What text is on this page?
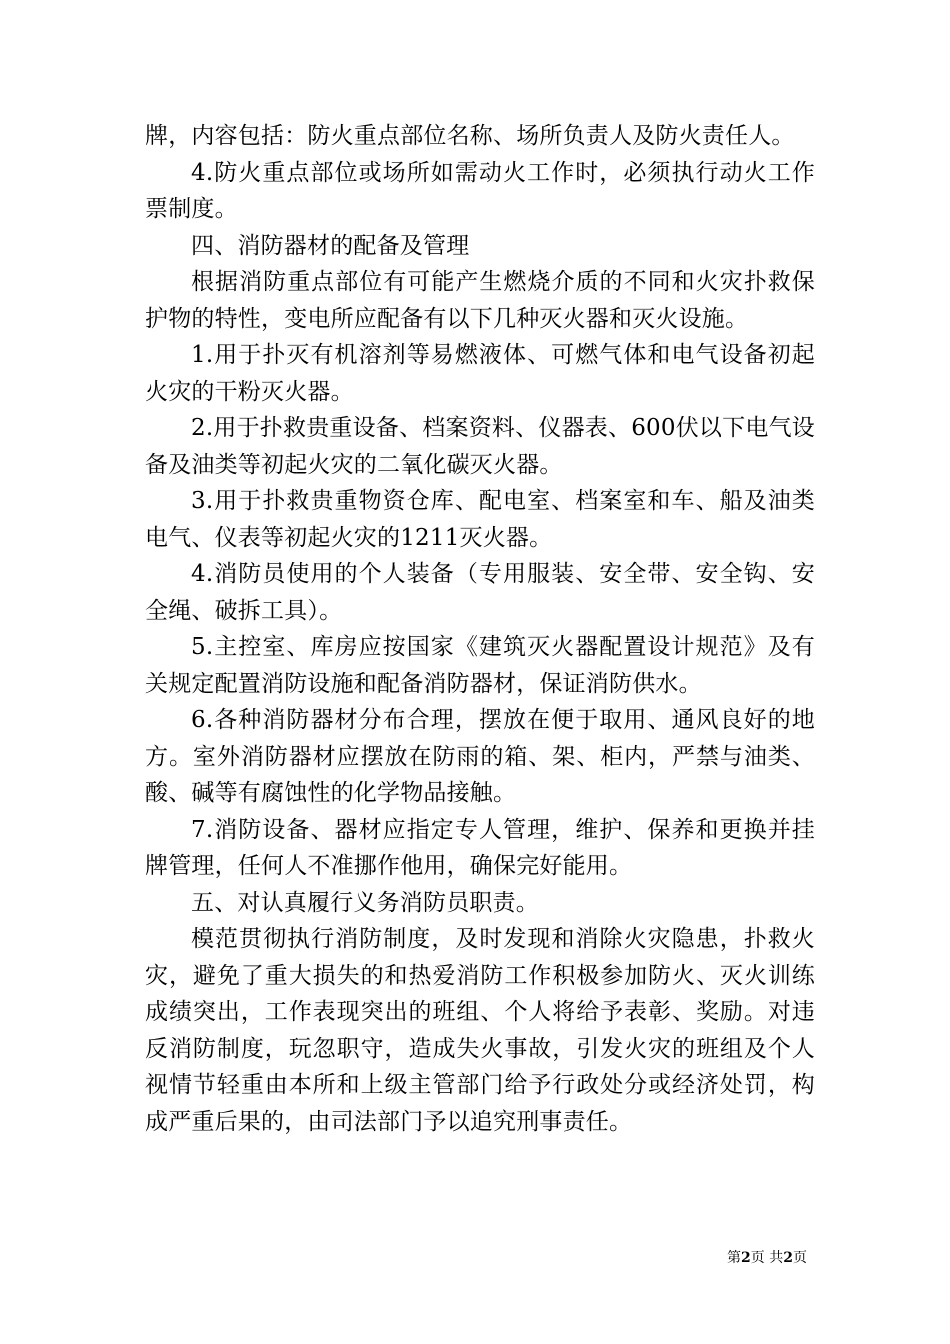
牌，内容包括：防火重点部位名称、场所负责人及防火责任人。

4.防火重点部位或场所如需动火工作时，必须执行动火工作票制度。

四、消防器材的配备及管理

根据消防重点部位有可能产生燃烧介质的不同和火灾扑救保护物的特性，变电所应配备有以下几种灭火器和灭火设施。

1.用于扑灭有机溶剂等易燃液体、可燃气体和电气设备初起火灾的干粉灭火器。

2.用于扑救贵重设备、档案资料、仪器表、600伏以下电气设备及油类等初起火灾的二氧化碳灭火器。

3.用于扑救贵重物资仓库、配电室、档案室和车、船及油类电气、仪表等初起火灾的1211灭火器。

4.消防员使用的个人装备（专用服装、安全带、安全钩、安全绳、破拆工具）。

5.主控室、库房应按国家《建筑灭火器配置设计规范》及有关规定配置消防设施和配备消防器材，保证消防供水。

6.各种消防器材分布合理，摆放在便于取用、通风良好的地方。室外消防器材应摆放在防雨的箱、架、柜内，严禁与油类、酸、碱等有腐蚀性的化学物品接触。

7.消防设备、器材应指定专人管理，维护、保养和更换并挂牌管理，任何人不准挪作他用，确保完好能用。

五、对认真履行义务消防员职责。

模范贯彻执行消防制度，及时发现和消除火灾隐患，扑救火灾，避免了重大损失的和热爱消防工作积极参加防火、灭火训练成绩突出，工作表现突出的班组、个人将给予表彰、奖励。对违反消防制度，玩忽职守，造成失火事故，引发火灾的班组及个人视情节轻重由本所和上级主管部门给予行政处分或经济处罚，构成严重后果的，由司法部门予以追究刑事责任。

第2页 共2页
